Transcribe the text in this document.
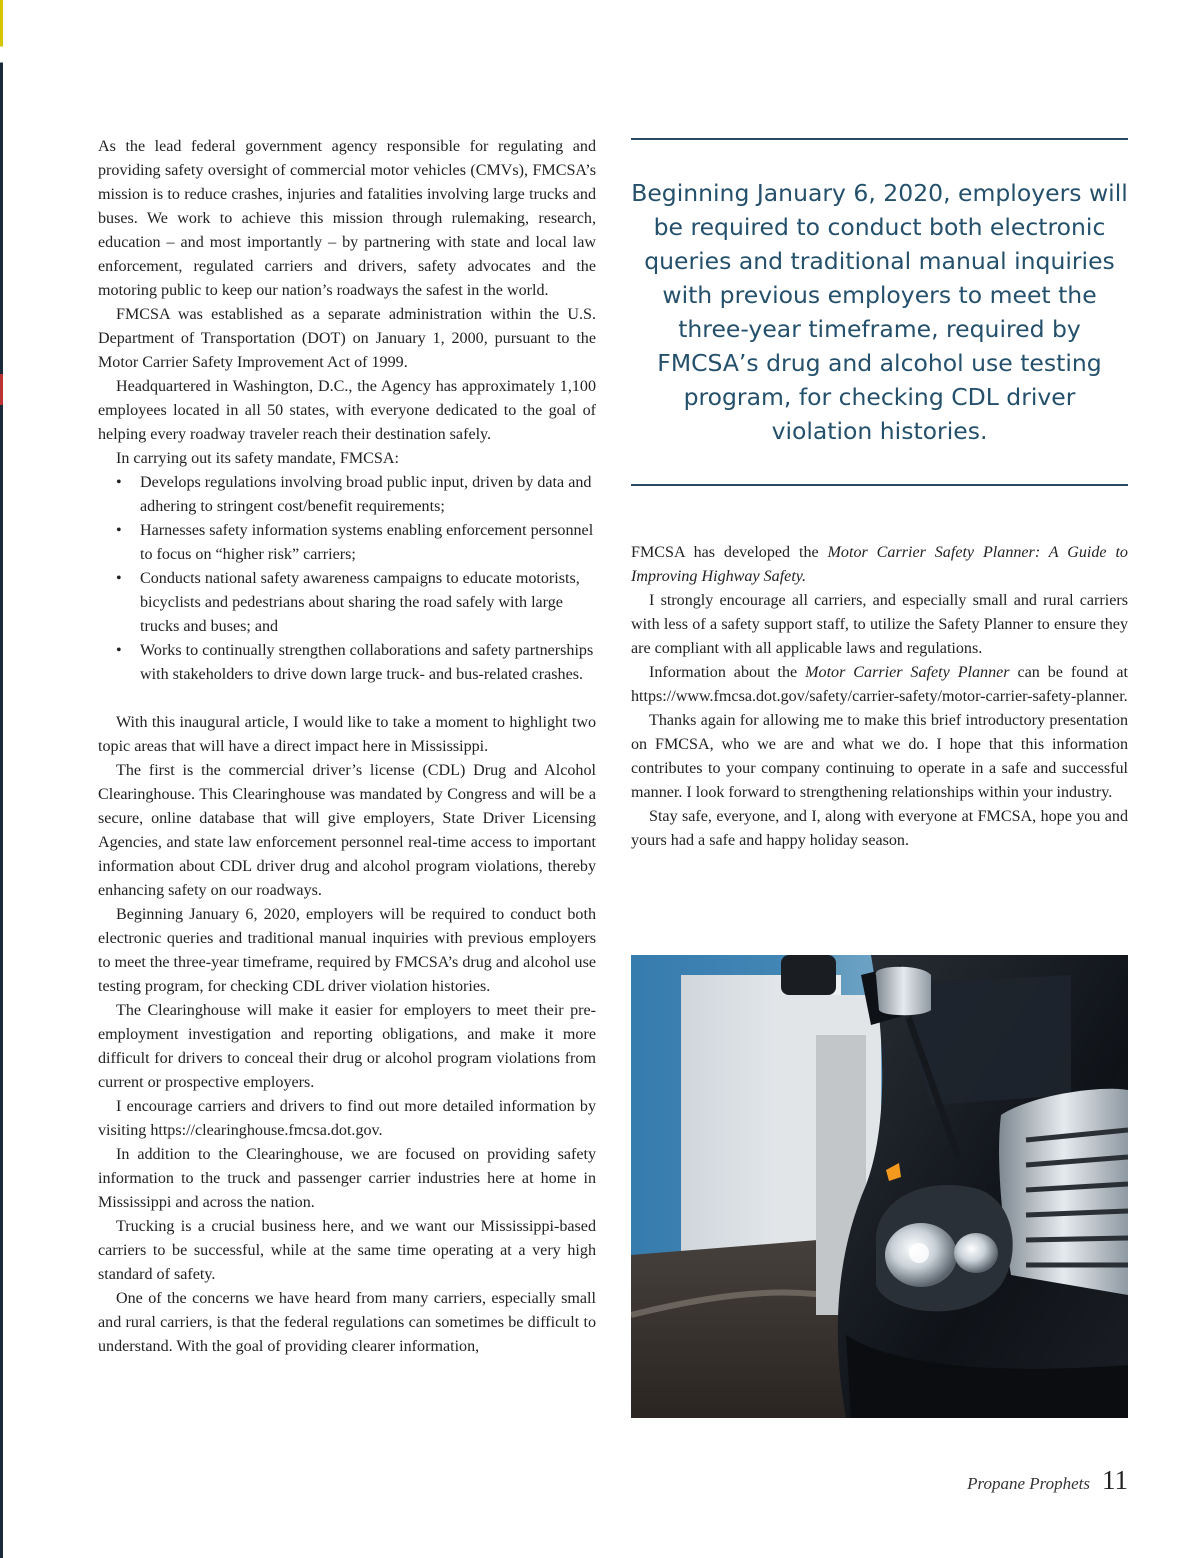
As the lead federal government agency responsible for regulating and providing safety oversight of commercial motor vehicles (CMVs), FMCSA’s mission is to reduce crashes, injuries and fatalities involving large trucks and buses. We work to achieve this mission through rulemaking, research, education – and most importantly – by partnering with state and local law enforcement, regulated carriers and drivers, safety advocates and the motoring public to keep our nation’s roadways the safest in the world.

FMCSA was established as a separate administration within the U.S. Department of Transportation (DOT) on January 1, 2000, pursuant to the Motor Carrier Safety Improvement Act of 1999.

Headquartered in Washington, D.C., the Agency has approximately 1,100 employees located in all 50 states, with everyone dedicated to the goal of helping every roadway traveler reach their destination safely.

In carrying out its safety mandate, FMCSA:

• Develops regulations involving broad public input, driven by data and adhering to stringent cost/benefit requirements;
• Harnesses safety information systems enabling enforcement personnel to focus on “higher risk” carriers;
• Conducts national safety awareness campaigns to educate motorists, bicyclists and pedestrians about sharing the road safely with large trucks and buses; and
• Works to continually strengthen collaborations and safety partnerships with stakeholders to drive down large truck- and bus-related crashes.

With this inaugural article, I would like to take a moment to highlight two topic areas that will have a direct impact here in Mississippi.

The first is the commercial driver’s license (CDL) Drug and Alcohol Clearinghouse. This Clearinghouse was mandated by Congress and will be a secure, online database that will give employers, State Driver Licensing Agencies, and state law enforcement personnel real-time access to important information about CDL driver drug and alcohol program violations, thereby enhancing safety on our roadways.

Beginning January 6, 2020, employers will be required to conduct both electronic queries and traditional manual inquiries with previous employers to meet the three-year timeframe, required by FMCSA’s drug and alcohol use testing program, for checking CDL driver violation histories.

The Clearinghouse will make it easier for employers to meet their pre-employment investigation and reporting obligations, and make it more difficult for drivers to conceal their drug or alcohol program violations from current or prospective employers.

I encourage carriers and drivers to find out more detailed information by visiting https://clearinghouse.fmcsa.dot.gov.

In addition to the Clearinghouse, we are focused on providing safety information to the truck and passenger carrier industries here at home in Mississippi and across the nation.

Trucking is a crucial business here, and we want our Mississippi-based carriers to be successful, while at the same time operating at a very high standard of safety.

One of the concerns we have heard from many carriers, especially small and rural carriers, is that the federal regulations can sometimes be difficult to understand. With the goal of providing clearer information,

Beginning January 6, 2020, employers will be required to conduct both electronic queries and traditional manual inquiries with previous employers to meet the three-year timeframe, required by FMCSA’s drug and alcohol use testing program, for checking CDL driver violation histories.

FMCSA has developed the Motor Carrier Safety Planner: A Guide to Improving Highway Safety.

I strongly encourage all carriers, and especially small and rural carriers with less of a safety support staff, to utilize the Safety Planner to ensure they are compliant with all applicable laws and regulations.

Information about the Motor Carrier Safety Planner can be found at https://www.fmcsa.dot.gov/safety/carrier-safety/motor-carrier-safety-planner.

Thanks again for allowing me to make this brief introductory presentation on FMCSA, who we are and what we do. I hope that this information contributes to your company continuing to operate in a safe and successful manner. I look forward to strengthening relationships within your industry.

Stay safe, everyone, and I, along with everyone at FMCSA, hope you and yours had a safe and happy holiday season.

Propane Prophets 11
